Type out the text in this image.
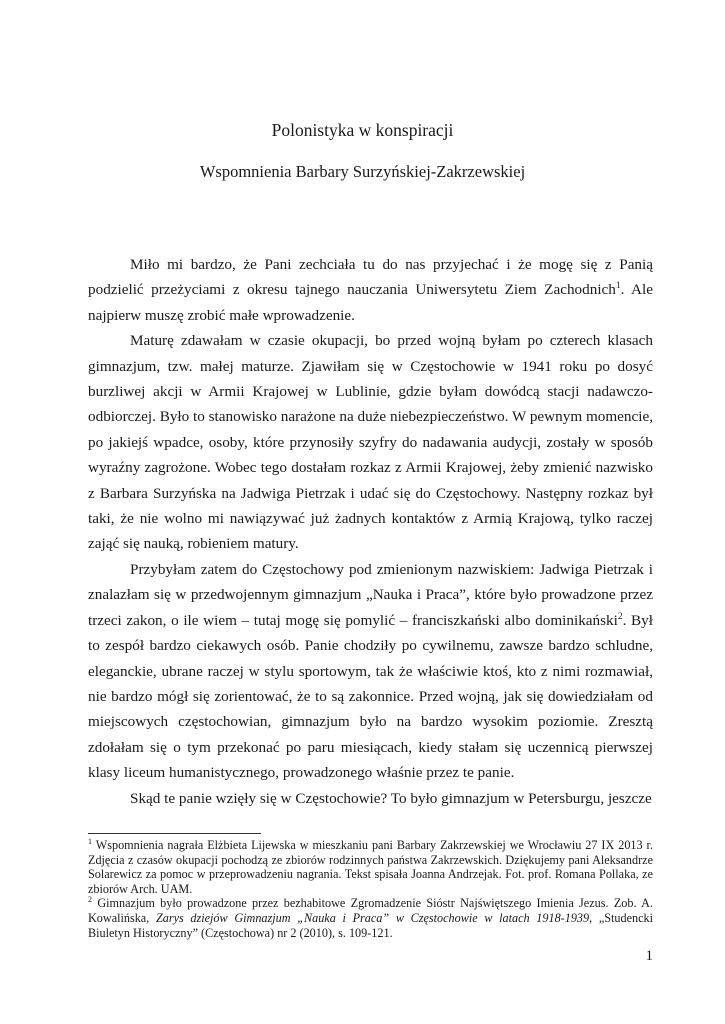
Polonistyka w konspiracji
Wspomnienia Barbary Surzyńskiej-Zakrzewskiej

Miło mi bardzo, że Pani zechciała tu do nas przyjechać i że mogę się z Panią podzielić przeżyciami z okresu tajnego nauczania Uniwersytetu Ziem Zachodnich$^1$. Ale najpierw muszę zrobić małe wprowadzenie.

Maturę zdawałam w czasie okupacji, bo przed wojną byłam po czterech klasach gimnazjum, tzw. małej maturze. Zjawiłam się w Częstochowie w 1941 roku po dosyć burzliwej akcji w Armii Krajowej w Lublinie, gdzie byłam dowódcą stacji nadawczo-odbiorczej. Było to stanowisko narażone na duże niebezpieczeństwo. W pewnym momencie, po jakiejś wpadce, osoby, które przynosiły szyfry do nadawania audycji, zostały w sposób wyraźny zagrożone. Wobec tego dostałam rozkaz z Armii Krajowej, żeby zmienić nazwisko z Barbara Surzyńska na Jadwiga Pietrzak i udać się do Częstochowy. Następny rozkaz był taki, że nie wolno mi nawiązywać już żadnych kontaktów z Armią Krajową, tylko raczej zająć się nauką, robieniem matury.

Przybyłam zatem do Częstochowy pod zmienionym nazwiskiem: Jadwiga Pietrzak i znalazłam się w przedwojennym gimnazjum „Nauka i Praca”, które było prowadzone przez trzeci zakon, o ile wiem – tutaj mogę się pomylić – franciszkański albo dominikański$^2$. Był to zespół bardzo ciekawych osób. Panie chodziły po cywilnemu, zawsze bardzo schludne, eleganckie, ubrane raczej w stylu sportowym, tak że właściwie ktoś, kto z nimi rozmawiał, nie bardzo mógł się zorientować, że to są zakonnice. Przed wojną, jak się dowiedziałam od miejscowych częstochowian, gimnazjum było na bardzo wysokim poziomie. Zresztą zdołałam się o tym przekonać po paru miesiącach, kiedy stałam się uczennicą pierwszej klasy liceum humanistycznego, prowadzonego właśnie przez te panie.

Skąd te panie wzięły się w Częstochowie? To było gimnazjum w Petersburgu, jeszcze

$^1$ Wspomnienia nagrała Elżbieta Lijewska w mieszkaniu pani Barbary Zakrzewskiej we Wrocławiu 27 IX 2013 r. Zdjęcia z czasów okupacji pochodzą ze zbiorów rodzinnych państwa Zakrzewskich. Dziękujemy pani Aleksandrze Solarewicz za pomoc w przeprowadzeniu nagrania. Tekst spisała Joanna Andrzejak. Fot. prof. Romana Pollaka, ze zbiorów Arch. UAM.

$^2$ Gimnazjum było prowadzone przez bezhabitowe Zgromadzenie Sióstr Najświętszego Imienia Jezus. Zob. A. Kowalińska, Zarys dziejów Gimnazjum „Nauka i Praca” w Częstochowie w latach 1918-1939, „Studencki Biuletyn Historyczny” (Częstochowa) nr 2 (2010), s. 109-121.

1
